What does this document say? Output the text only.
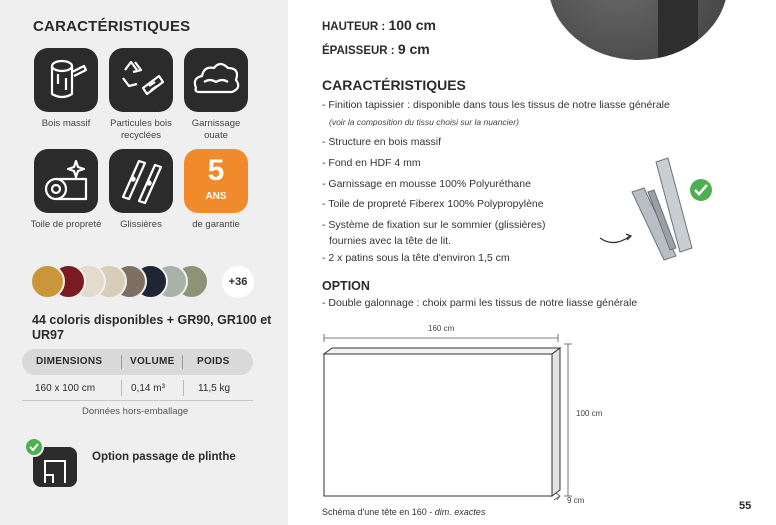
CARACTÉRISTIQUES
Bois massif	Particules bois recyclées
Garnissage ouate
5
ANS
Toile de propreté	Glissières	de garantie
+36
44 coloris disponibles + GR90, GR100 et UR97
DIMENSIONS	VOLUME POIDS
160 x 100 cm	0,14 m³	11,5 kg
Données hors-emballage
Option passage de plinthe
HAUTEUR : 100 cm
ÉPAISSEUR : 9 cm
CARACTÉRISTIQUES
- Finition tapissier : disponible dans tous les tissus de notre liasse générale
(voir la composition du tissu choisi sur la nuancier)
- Structure en bois massif
- Fond en HDF 4 mm
- Garnissage en mousse 100% Polyuréthane
- Toile de propreté Fiberex 100% Polypropylène
- Système de fixation sur le sommier (glissières)
fournies avec la tête de lit.
- 2 x patins sous la tête d'environ 1,5 cm
OPTION
- Double galonnage : choix parmi les tissus de notre liasse générale
160 cm
100 cm
9 cm
Schéma d'une tête en 160 - dim. exactes	55
